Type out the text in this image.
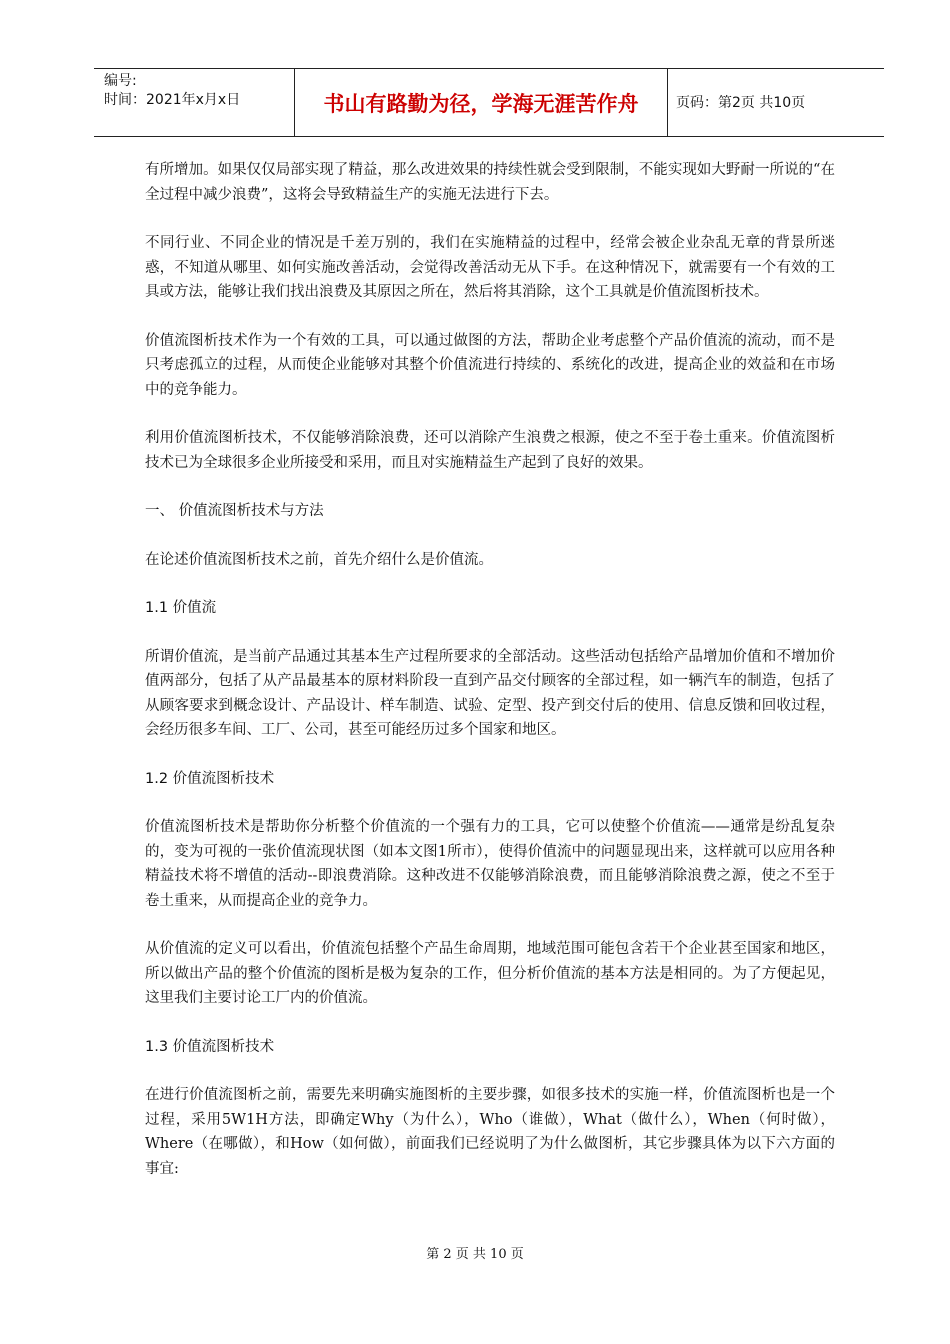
编号:
时间：2021年x月x日	书山有路勤为径，学海无涯苦作舟	页码：第2页 共10页

有所增加。如果仅仅局部实现了精益，那么改进效果的持续性就会受到限制，不能实现如大野耐一所说的“在全过程中减少浪费”，这将会导致精益生产的实施无法进行下去。

不同行业、不同企业的情况是千差万别的，我们在实施精益的过程中，经常会被企业杂乱无章的背景所迷惑，不知道从哪里、如何实施改善活动，会觉得改善活动无从下手。在这种情况下，就需要有一个有效的工具或方法，能够让我们找出浪费及其原因之所在，然后将其消除，这个工具就是价值流图析技术。

价值流图析技术作为一个有效的工具，可以通过做图的方法，帮助企业考虑整个产品价值流的流动，而不是只考虑孤立的过程，从而使企业能够对其整个价值流进行持续的、系统化的改进，提高企业的效益和在市场中的竞争能力。

利用价值流图析技术，不仅能够消除浪费，还可以消除产生浪费之根源，使之不至于卷土重来。价值流图析技术已为全球很多企业所接受和采用，而且对实施精益生产起到了良好的效果。

一、 价值流图析技术与方法

在论述价值流图析技术之前，首先介绍什么是价值流。

1.1 价值流

所谓价值流，是当前产品通过其基本生产过程所要求的全部活动。这些活动包括给产品增加价值和不增加价值两部分，包括了从产品最基本的原材料阶段一直到产品交付顾客的全部过程，如一辆汽车的制造，包括了从顾客要求到概念设计、产品设计、样车制造、试验、定型、投产到交付后的使用、信息反馈和回收过程，会经历很多车间、工厂、公司，甚至可能经历过多个国家和地区。

1.2 价值流图析技术

价值流图析技术是帮助你分析整个价值流的一个强有力的工具，它可以使整个价值流——通常是纷乱复杂的，变为可视的一张价值流现状图（如本文图1所市），使得价值流中的问题显现出来，这样就可以应用各种精益技术将不增值的活动--即浪费消除。这种改进不仅能够消除浪费，而且能够消除浪费之源，使之不至于卷土重来，从而提高企业的竞争力。

从价值流的定义可以看出，价值流包括整个产品生命周期，地域范围可能包含若干个企业甚至国家和地区，所以做出产品的整个价值流的图析是极为复杂的工作，但分析价值流的基本方法是相同的。为了方便起见，这里我们主要讨论工厂内的价值流。

1.3 价值流图析技术

在进行价值流图析之前，需要先来明确实施图析的主要步骤，如很多技术的实施一样，价值流图析也是一个过程，采用5W1H方法，即确定Why（为什么），Who（谁做），What（做什么），When（何时做），Where（在哪做），和How（如何做），前面我们已经说明了为什么做图析，其它步骤具体为以下六方面的事宜:

第 2 页 共 10 页
